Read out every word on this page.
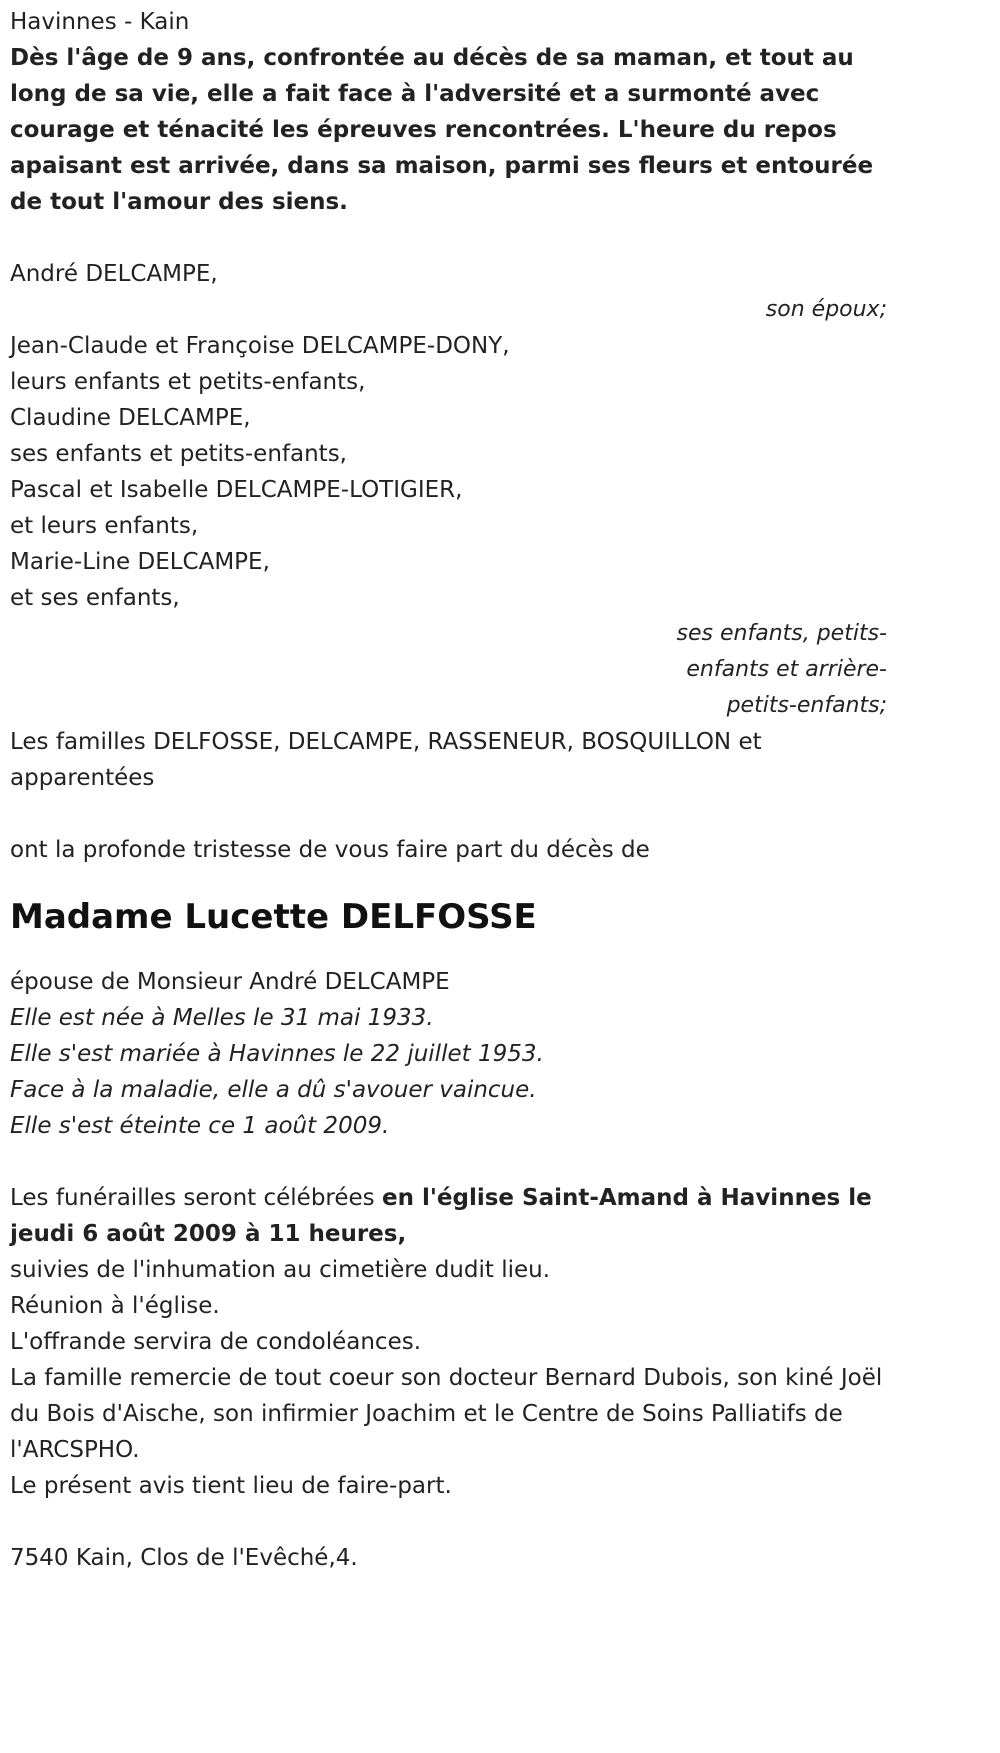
Havinnes - Kain
Dès l'âge de 9 ans, confrontée au décès de sa maman, et tout au long de sa vie, elle a fait face à l'adversité et a surmonté avec courage et ténacité les épreuves rencontrées. L'heure du repos apaisant est arrivée, dans sa maison, parmi ses fleurs et entourée de tout l'amour des siens.
André DELCAMPE,
son époux;
Jean-Claude et Françoise DELCAMPE-DONY,
leurs enfants et petits-enfants,
Claudine DELCAMPE,
ses enfants et petits-enfants,
Pascal et Isabelle DELCAMPE-LOTIGIER,
et leurs enfants,
Marie-Line DELCAMPE,
et ses enfants,
ses enfants, petits-
enfants et arrière-
petits-enfants;
Les familles DELFOSSE, DELCAMPE, RASSENEUR, BOSQUILLON et apparentées
ont la profonde tristesse de vous faire part du décès de
Madame Lucette DELFOSSE
épouse de Monsieur André DELCAMPE
Elle est née à Melles le 31 mai 1933.
Elle s'est mariée à Havinnes le 22 juillet 1953.
Face à la maladie, elle a dû s'avouer vaincue.
Elle s'est éteinte ce 1 août 2009.
Les funérailles seront célébrées en l'église Saint-Amand à Havinnes le jeudi 6 août 2009 à 11 heures,
suivies de l'inhumation au cimetière dudit lieu.
Réunion à l'église.
L'offrande servira de condoléances.
La famille remercie de tout coeur son docteur Bernard Dubois, son kiné Joël du Bois d'Aische, son infirmier Joachim et le Centre de Soins Palliatifs de l'ARCSPHO.
Le présent avis tient lieu de faire-part.
7540 Kain, Clos de l'Evêché,4.
